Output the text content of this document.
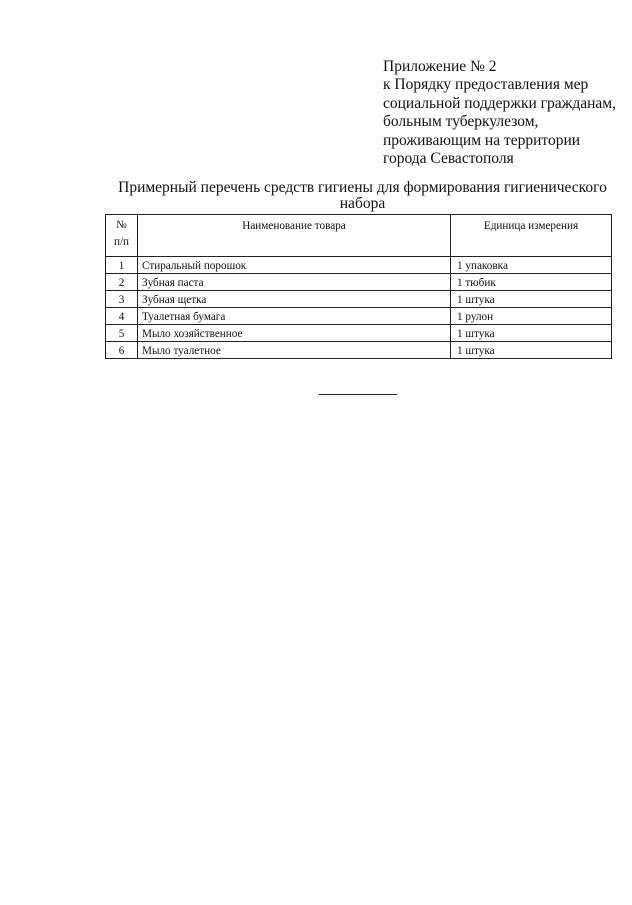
Приложение № 2
к Порядку предоставления мер
социальной поддержки гражданам,
больным туберкулезом,
проживающим на территории
города Севастополя
Примерный перечень средств гигиены для формирования гигиенического
набора
№
п/п	Наименование товара	Единица измерения
1	Стиральный порошок	1 упаковка
2	Зубная паста	1 тюбик
3	Зубная щетка	1 штука
4	Туалетная бумага	1 рулон
5	Мыло хозяйственное	1 штука
6	Мыло туалетное	1 штука
